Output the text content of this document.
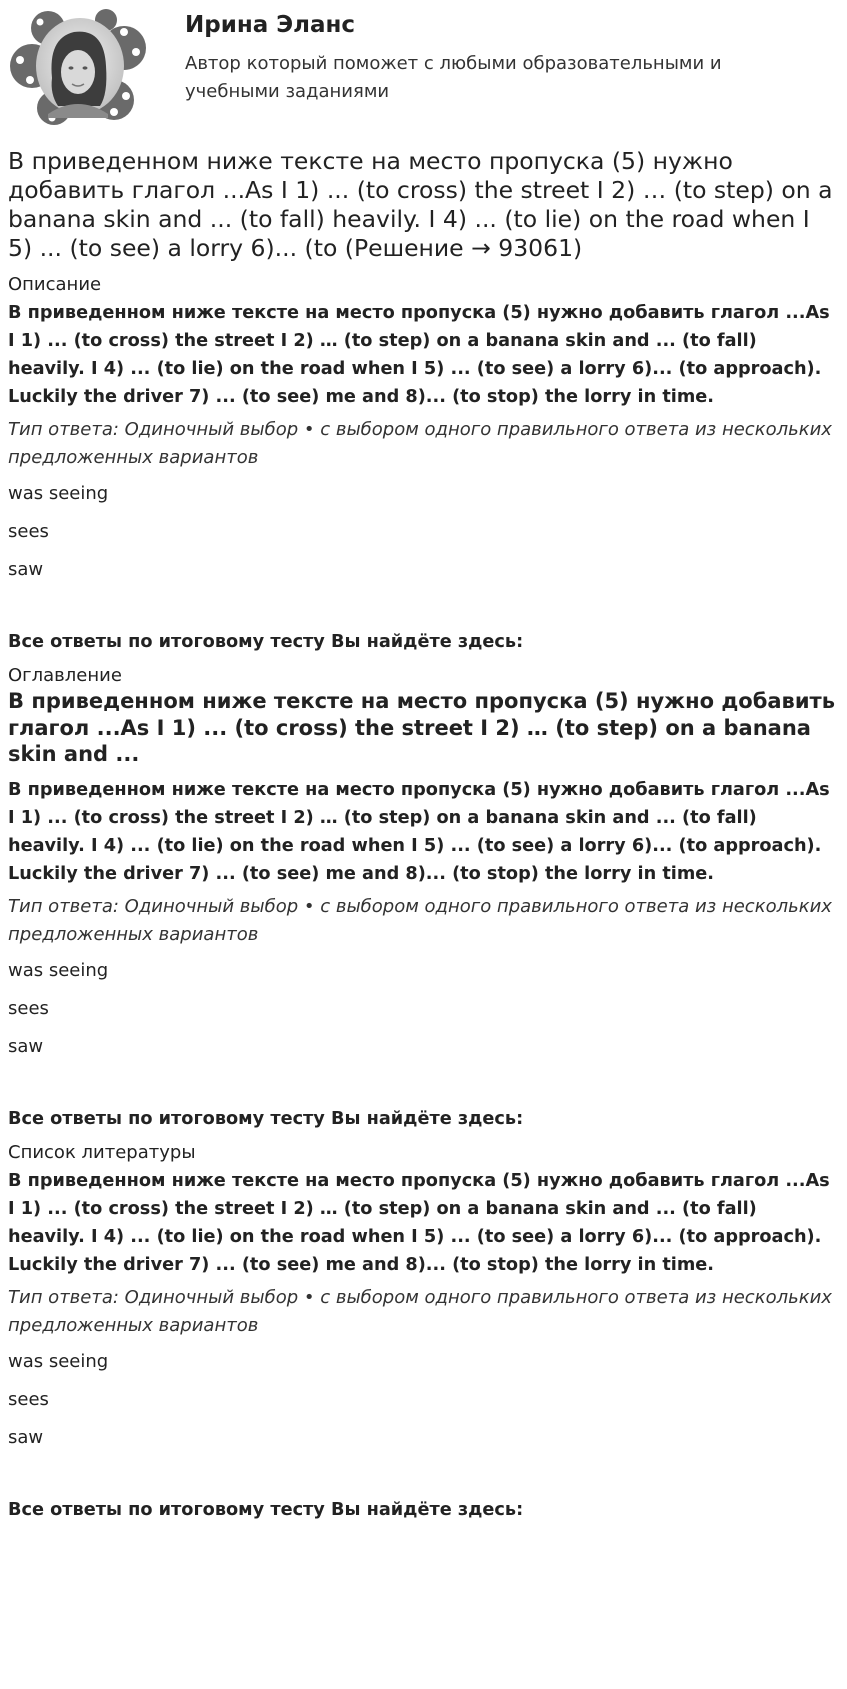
Ирина Эланс
Автор который поможет с любыми образовательными и учебными заданиями
В приведенном ниже тексте на место пропуска (5) нужно добавить глагол ...As I 1) ... (to cross) the street I 2) … (to step) on a banana skin and ... (to fall) heavily. I 4) ... (to lie) on the road when I 5) ... (to see) a lorry 6)... (to (Решение → 93061)
Описание
В приведенном ниже тексте на место пропуска (5) нужно добавить глагол ...As I 1) ... (to cross) the street I 2) … (to step) on a banana skin and ... (to fall) heavily. I 4) ... (to lie) on the road when I 5) ... (to see) a lorry 6)... (to approach). Luckily the driver 7) ... (to see) me and 8)... (to stop) the lorry in time.
Тип ответа: Одиночный выбор • с выбором одного правильного ответа из нескольких предложенных вариантов
was seeing
sees
saw
Все ответы по итоговому тесту Вы найдёте здесь:
Оглавление
В приведенном ниже тексте на место пропуска (5) нужно добавить глагол ...As I 1) ... (to cross) the street I 2) … (to step) on a banana skin and ...
В приведенном ниже тексте на место пропуска (5) нужно добавить глагол ...As I 1) ... (to cross) the street I 2) … (to step) on a banana skin and ... (to fall) heavily. I 4) ... (to lie) on the road when I 5) ... (to see) a lorry 6)... (to approach). Luckily the driver 7) ... (to see) me and 8)... (to stop) the lorry in time.
Тип ответа: Одиночный выбор • с выбором одного правильного ответа из нескольких предложенных вариантов
was seeing
sees
saw
Все ответы по итоговому тесту Вы найдёте здесь:
Список литературы
В приведенном ниже тексте на место пропуска (5) нужно добавить глагол ...As I 1) ... (to cross) the street I 2) … (to step) on a banana skin and ... (to fall) heavily. I 4) ... (to lie) on the road when I 5) ... (to see) a lorry 6)... (to approach). Luckily the driver 7) ... (to see) me and 8)... (to stop) the lorry in time.
Тип ответа: Одиночный выбор • с выбором одного правильного ответа из нескольких предложенных вариантов
was seeing
sees
saw
Все ответы по итоговому тесту Вы найдёте здесь:
